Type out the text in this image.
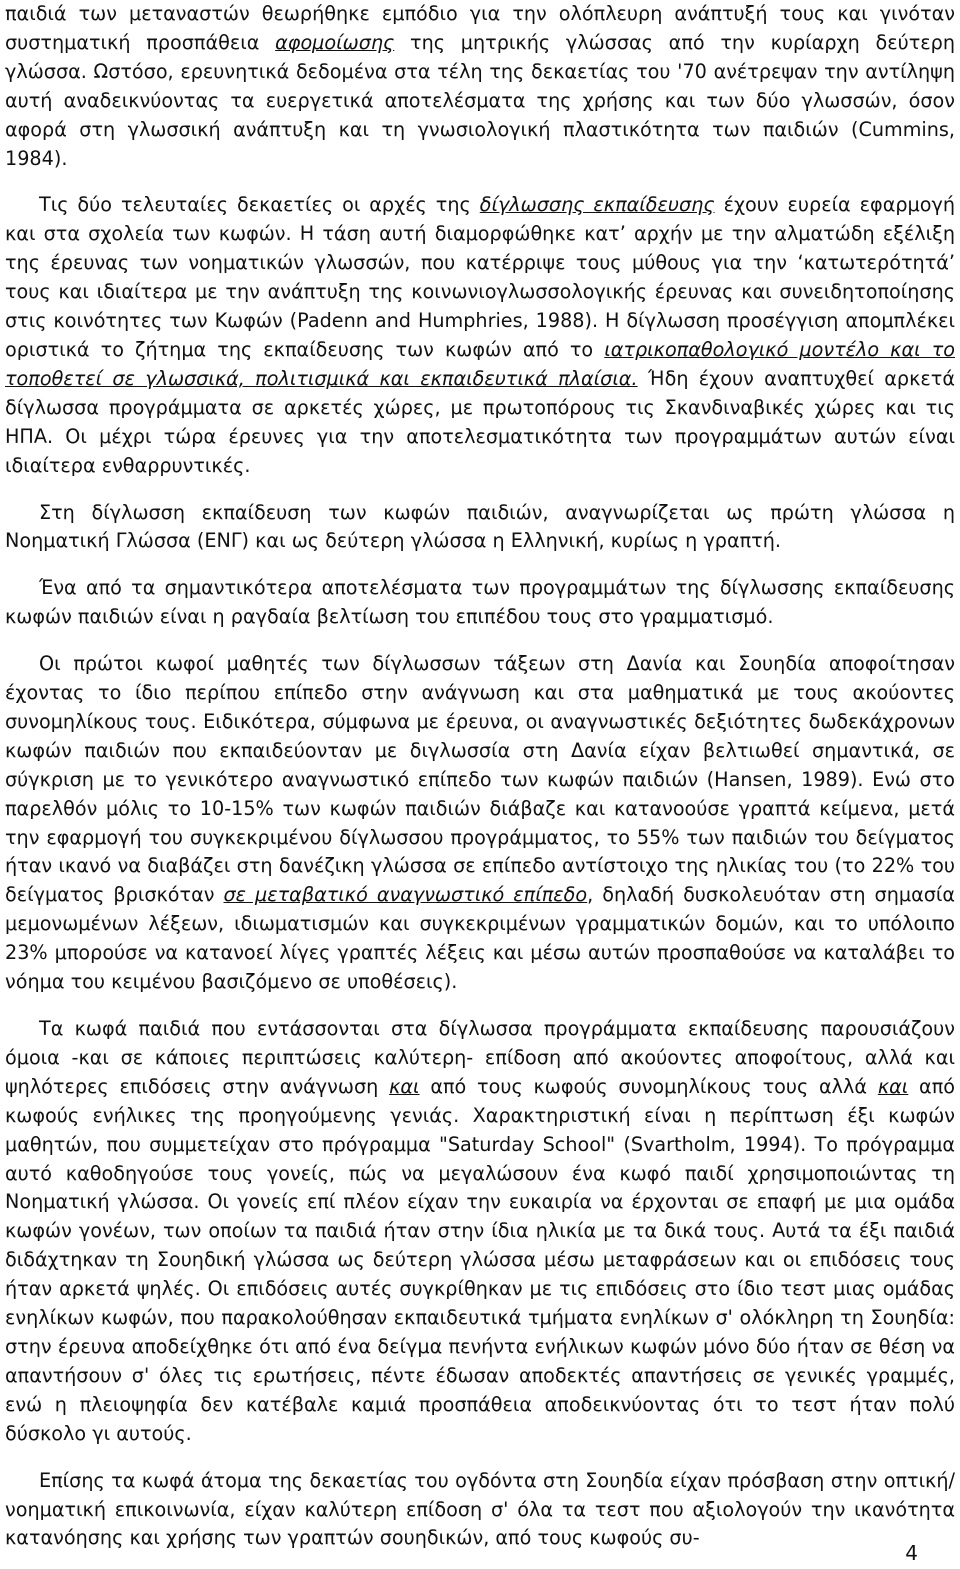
παιδιά των μεταναστών θεωρήθηκε εμπόδιο για την ολόπλευρη ανάπτυξή τους και γινόταν συστηματική προσπάθεια αφομοίωσης της μητρικής γλώσσας από την κυρίαρχη δεύτερη γλώσσα. Ωστόσο, ερευνητικά δεδομένα στα τέλη της δεκαετίας του '70 ανέτρεψαν την αντίληψη αυτή αναδεικνύοντας τα ευεργετικά αποτελέσματα της χρήσης και των δύο γλωσσών, όσον αφορά στη γλωσσική ανάπτυξη και τη γνωσιολογική πλαστικότητα των παιδιών (Cummins, 1984).

Τις δύο τελευταίες δεκαετίες οι αρχές της δίγλωσσης εκπαίδευσης έχουν ευρεία εφαρμογή και στα σχολεία των κωφών. Η τάση αυτή διαμορφώθηκε κατ’ αρχήν με την αλματώδη εξέλιξη της έρευνας των νοηματικών γλωσσών, που κατέρριψε τους μύθους για την ‘κατωτερότητά’ τους και ιδιαίτερα με την ανάπτυξη της κοινωνιογλωσσολογικής έρευνας και συνειδητοποίησης στις κοινότητες των Κωφών (Padenn and Humphries, 1988). Η δίγλωσση προσέγγιση απομπλέκει οριστικά το ζήτημα της εκπαίδευσης των κωφών από το ιατρικοπαθολογικό μοντέλο και το τοποθετεί σε γλωσσικά, πολιτισμικά και εκπαιδευτικά πλαίσια. Ήδη έχουν αναπτυχθεί αρκετά δίγλωσσα προγράμματα σε αρκετές χώρες, με πρωτοπόρους τις Σκανδιναβικές χώρες και τις ΗΠΑ. Οι μέχρι τώρα έρευνες για την αποτελεσματικότητα των προγραμμάτων αυτών είναι ιδιαίτερα ενθαρρυντικές.

Στη δίγλωσση εκπαίδευση των κωφών παιδιών, αναγνωρίζεται ως πρώτη γλώσσα η Νοηματική Γλώσσα (ΕΝΓ) και ως δεύτερη γλώσσα η Ελληνική, κυρίως η γραπτή.

Ένα από τα σημαντικότερα αποτελέσματα των προγραμμάτων της δίγλωσσης εκπαίδευσης κωφών παιδιών είναι η ραγδαία βελτίωση του επιπέδου τους στο γραμματισμό.

Οι πρώτοι κωφοί μαθητές των δίγλωσσων τάξεων στη Δανία και Σουηδία αποφοίτησαν έχοντας το ίδιο περίπου επίπεδο στην ανάγνωση και στα μαθηματικά με τους ακούοντες συνομηλίκους τους. Ειδικότερα, σύμφωνα με έρευνα, οι αναγνωστικές δεξιότητες δωδεκάχρονων κωφών παιδιών που εκπαιδεύονταν με διγλωσσία στη Δανία είχαν βελτιωθεί σημαντικά, σε σύγκριση με το γενικότερο αναγνωστικό επίπεδο των κωφών παιδιών (Hansen, 1989). Ενώ στο παρελθόν μόλις το 10-15% των κωφών παιδιών διάβαζε και κατανοούσε γραπτά κείμενα, μετά την εφαρμογή του συγκεκριμένου δίγλωσσου προγράμματος, το 55% των παιδιών του δείγματος ήταν ικανό να διαβάζει στη δανέζικη γλώσσα σε επίπεδο αντίστοιχο της ηλικίας του (το 22% του δείγματος βρισκόταν σε μεταβατικό αναγνωστικό επίπεδο, δηλαδή δυσκολευόταν στη σημασία μεμονωμένων λέξεων, ιδιωματισμών και συγκεκριμένων γραμματικών δομών, και το υπόλοιπο 23% μπορούσε να κατανοεί λίγες γραπτές λέξεις και μέσω αυτών προσπαθούσε να καταλάβει το νόημα του κειμένου βασιζόμενο σε υποθέσεις).

Τα κωφά παιδιά που εντάσσονται στα δίγλωσσα προγράμματα εκπαίδευσης παρουσιάζουν όμοια -και σε κάποιες περιπτώσεις καλύτερη- επίδοση από ακούοντες αποφοίτους, αλλά και ψηλότερες επιδόσεις στην ανάγνωση και από τους κωφούς συνομηλίκους τους αλλά και από κωφούς ενήλικες της προηγούμενης γενιάς. Χαρακτηριστική είναι η περίπτωση έξι κωφών μαθητών, που συμμετείχαν στο πρόγραμμα "Saturday School" (Svartholm, 1994). Το πρόγραμμα αυτό καθοδηγούσε τους γονείς, πώς να μεγαλώσουν ένα κωφό παιδί χρησιμοποιώντας τη Νοηματική γλώσσα. Οι γονείς επί πλέον είχαν την ευκαιρία να έρχονται σε επαφή με μια ομάδα κωφών γονέων, των οποίων τα παιδιά ήταν στην ίδια ηλικία με τα δικά τους. Αυτά τα έξι παιδιά διδάχτηκαν τη Σουηδική γλώσσα ως δεύτερη γλώσσα μέσω μεταφράσεων και οι επιδόσεις τους ήταν αρκετά ψηλές. Οι επιδόσεις αυτές συγκρίθηκαν με τις επιδόσεις στο ίδιο τεστ μιας ομάδας ενηλίκων κωφών, που παρακολούθησαν εκπαιδευτικά τμήματα ενηλίκων σ' ολόκληρη τη Σουηδία: στην έρευνα αποδείχθηκε ότι από ένα δείγμα πενήντα ενήλικων κωφών μόνο δύο ήταν σε θέση να απαντήσουν σ' όλες τις ερωτήσεις, πέντε έδωσαν αποδεκτές απαντήσεις σε γενικές γραμμές, ενώ η πλειοψηφία δεν κατέβαλε καμιά προσπάθεια αποδεικνύοντας ότι το τεστ ήταν πολύ δύσκολο γι αυτούς.

Επίσης τα κωφά άτομα της δεκαετίας του ογδόντα στη Σουηδία είχαν πρόσβαση στην οπτική/νοηματική επικοινωνία, είχαν καλύτερη επίδοση σ' όλα τα τεστ που αξιολογούν την ικανότητα κατανόησης και χρήσης των γραπτών σουηδικών, από τους κωφούς συ-

4
